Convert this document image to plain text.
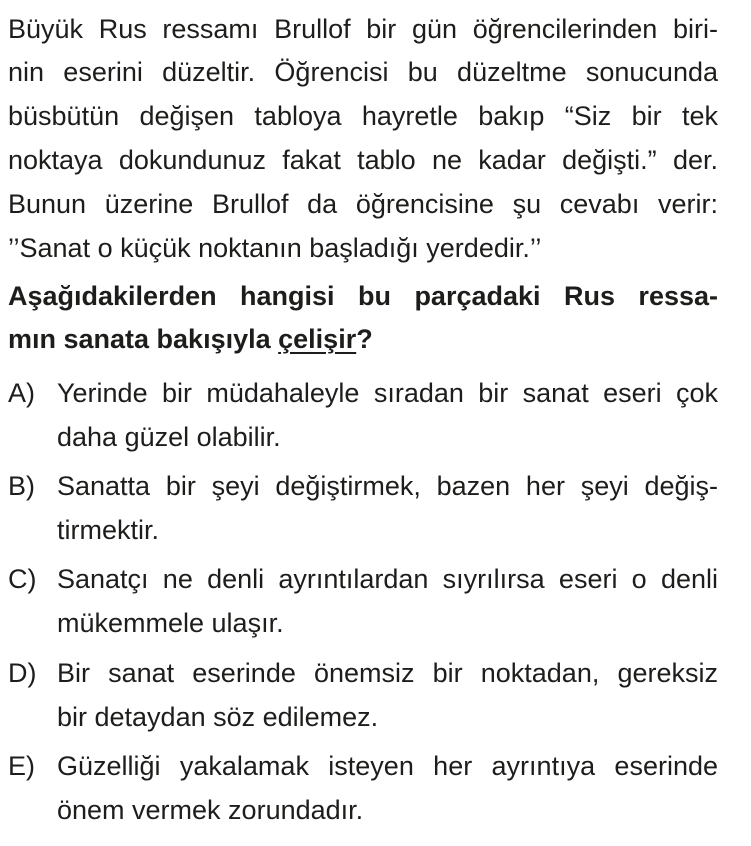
Büyük Rus ressamı Brullof bir gün öğrencilerinden biri-
nin eserini düzeltir. Öğrencisi bu düzeltme sonucunda
büsbütün değişen tabloya hayretle bakıp “Siz bir tek
noktaya dokundunuz fakat tablo ne kadar değişti.” der.
Bunun üzerine Brullof da öğrencisine şu cevabı verir:
’’Sanat o küçük noktanın başladığı yerdedir.’’
Aşağıdakilerden hangisi bu parçadaki Rus ressa-
mın sanata bakışıyla çelişir?
A) Yerinde bir müdahaleyle sıradan bir sanat eseri çok
daha güzel olabilir.
B) Sanatta bir şeyi değiştirmek, bazen her şeyi değiş-
tirmektir.
C) Sanatçı ne denli ayrıntılardan sıyrılırsa eseri o denli
mükemmele ulaşır.
D) Bir sanat eserinde önemsiz bir noktadan, gereksiz
bir detaydan söz edilemez.
E) Güzelliği yakalamak isteyen her ayrıntıya eserinde
önem vermek zorundadır.
